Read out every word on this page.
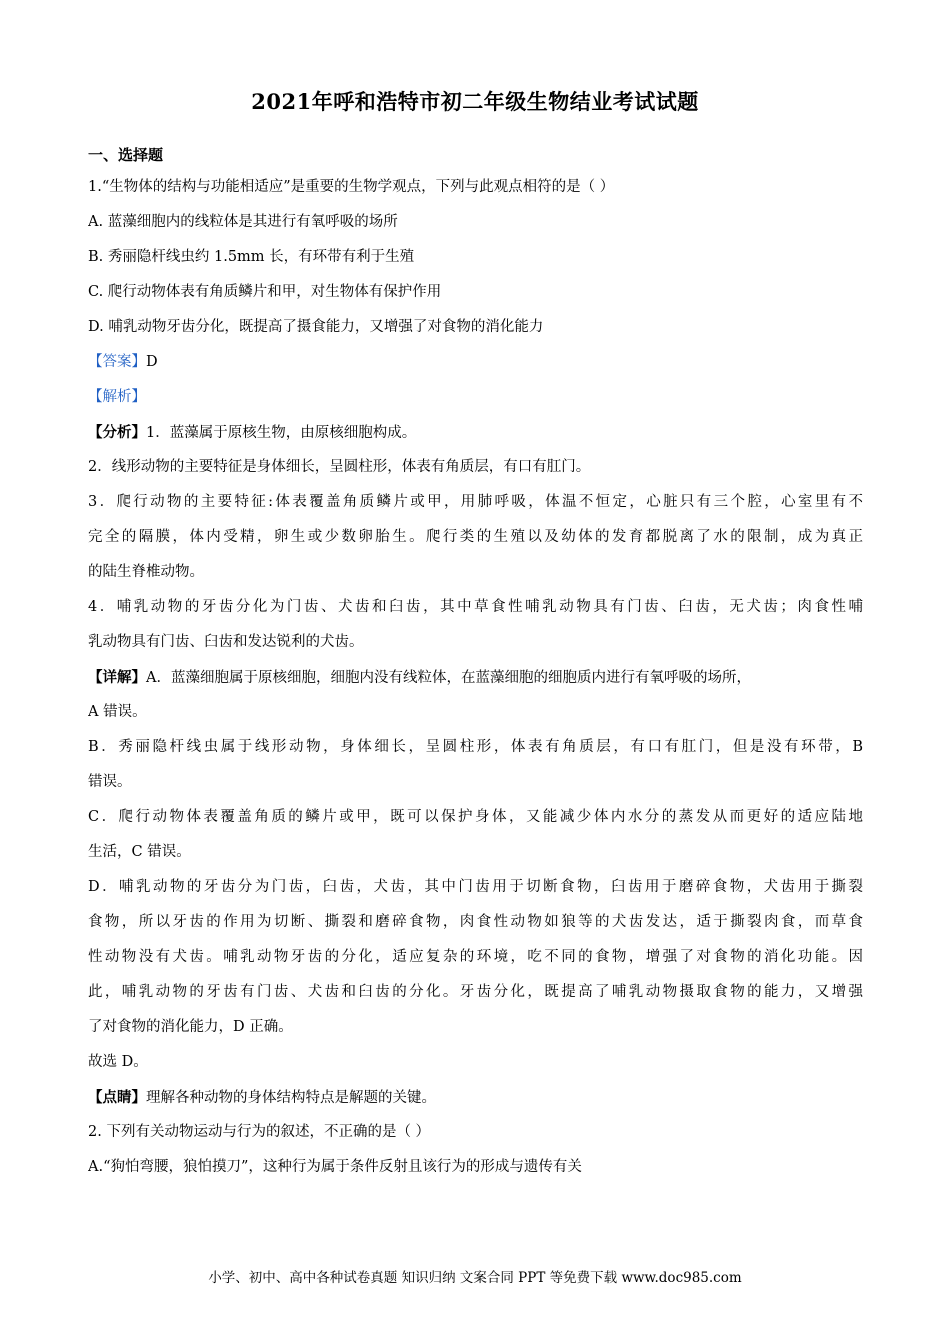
2021年呼和浩特市初二年级生物结业考试试题

一、选择题

1.“生物体的结构与功能相适应”是重要的生物学观点，下列与此观点相符的是（ ）

A. 蓝藻细胞内的线粒体是其进行有氧呼吸的场所

B. 秀丽隐杆线虫约 1.5mm 长，有环带有利于生殖

C. 爬行动物体表有角质鳞片和甲，对生物体有保护作用

D. 哺乳动物牙齿分化，既提高了摄食能力，又增强了对食物的消化能力

【答案】D

【解析】

【分析】1．蓝藻属于原核生物，由原核细胞构成。

2．线形动物的主要特征是身体细长，呈圆柱形，体表有角质层，有口有肛门。

3．爬行动物的主要特征:体表覆盖角质鳞片或甲，用肺呼吸，体温不恒定，心脏只有三个腔，心室里有不

完全的隔膜，体内受精，卵生或少数卵胎生。爬行类的生殖以及幼体的发育都脱离了水的限制，成为真正

的陆生脊椎动物。

4．哺乳动物的牙齿分化为门齿、犬齿和臼齿，其中草食性哺乳动物具有门齿、臼齿，无犬齿；肉食性哺

乳动物具有门齿、臼齿和发达锐利的犬齿。

【详解】A．蓝藻细胞属于原核细胞，细胞内没有线粒体，在蓝藻细胞的细胞质内进行有氧呼吸的场所，

A 错误。

B．秀丽隐杆线虫属于线形动物，身体细长，呈圆柱形，体表有角质层，有口有肛门，但是没有环带，B

错误。

C．爬行动物体表覆盖角质的鳞片或甲，既可以保护身体，又能减少体内水分的蒸发从而更好的适应陆地

生活，C 错误。

D．哺乳动物的牙齿分为门齿，臼齿，犬齿，其中门齿用于切断食物，臼齿用于磨碎食物，犬齿用于撕裂

食物，所以牙齿的作用为切断、撕裂和磨碎食物，肉食性动物如狼等的犬齿发达，适于撕裂肉食，而草食

性动物没有犬齿。哺乳动物牙齿的分化，适应复杂的环境，吃不同的食物，增强了对食物的消化功能。因

此，哺乳动物的牙齿有门齿、犬齿和臼齿的分化。牙齿分化，既提高了哺乳动物摄取食物的能力，又增强

了对食物的消化能力，D 正确。

故选 D。

【点睛】理解各种动物的身体结构特点是解题的关键。

2. 下列有关动物运动与行为的叙述，不正确的是（ ）

A.“狗怕弯腰，狼怕摸刀”，这种行为属于条件反射且该行为的形成与遗传有关

小学、初中、高中各种试卷真题 知识归纳 文案合同 PPT 等免费下载 www.doc985.com
